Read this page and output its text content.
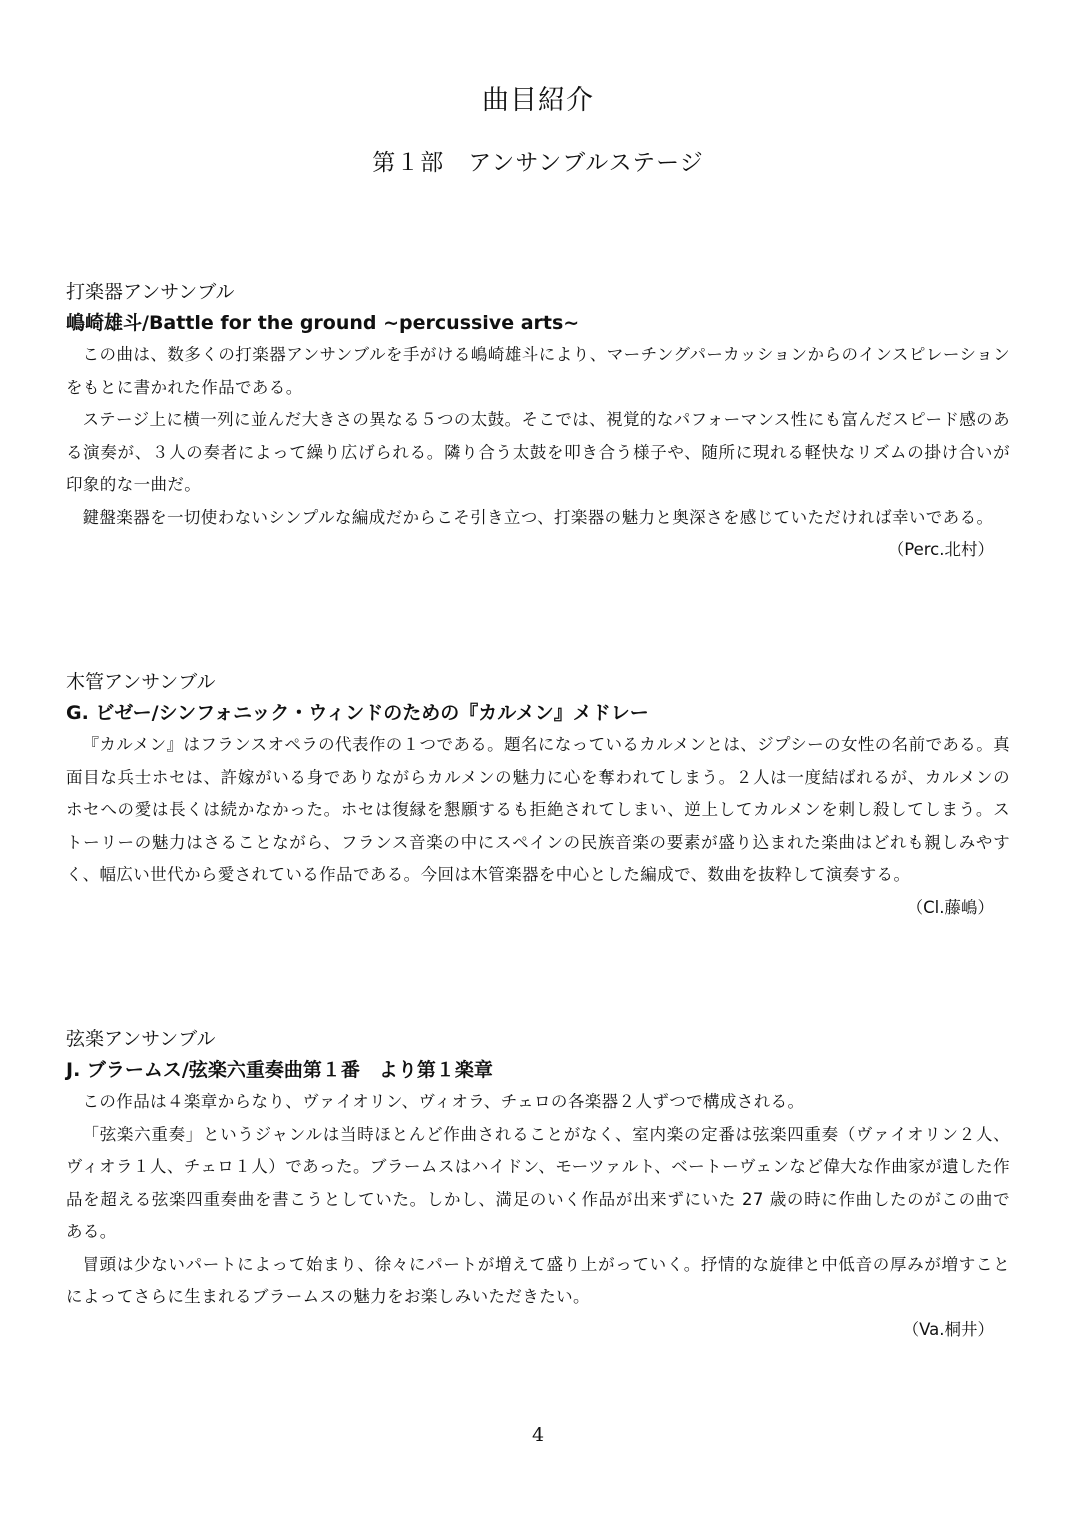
曲目紹介
第１部　アンサンブルステージ
打楽器アンサンブル
嶋崎雄斗/Battle for the ground ~percussive arts~

この曲は、数多くの打楽器アンサンブルを手がける嶋崎雄斗により、マーチングパーカッションからのインスピレーションをもとに書かれた作品である。

ステージ上に横一列に並んだ大きさの異なる５つの太鼓。そこでは、視覚的なパフォーマンス性にも富んだスピード感のある演奏が、３人の奏者によって繰り広げられる。隣り合う太鼓を叩き合う様子や、随所に現れる軽快なリズムの掛け合いが印象的な一曲だ。

鍵盤楽器を一切使わないシンプルな編成だからこそ引き立つ、打楽器の魅力と奥深さを感じていただければ幸いである。

（Perc.北村）
木管アンサンブル
G. ビゼー/シンフォニック・ウィンドのための『カルメン』メドレー

『カルメン』はフランスオペラの代表作の１つである。題名になっているカルメンとは、ジプシーの女性の名前である。真面目な兵士ホセは、許嫁がいる身でありながらカルメンの魅力に心を奪われてしまう。２人は一度結ばれるが、カルメンのホセへの愛は長くは続かなかった。ホセは復縁を懇願するも拒絶されてしまい、逆上してカルメンを刺し殺してしまう。ストーリーの魅力はさることながら、フランス音楽の中にスペインの民族音楽の要素が盛り込まれた楽曲はどれも親しみやすく、幅広い世代から愛されている作品である。今回は木管楽器を中心とした編成で、数曲を抜粋して演奏する。

（Cl.藤嶋）
弦楽アンサンブル
J. ブラームス/弦楽六重奏曲第１番　より第１楽章

この作品は４楽章からなり、ヴァイオリン、ヴィオラ、チェロの各楽器２人ずつで構成される。

「弦楽六重奏」というジャンルは当時ほとんど作曲されることがなく、室内楽の定番は弦楽四重奏（ヴァイオリン２人、ヴィオラ１人、チェロ１人）であった。ブラームスはハイドン、モーツァルト、ベートーヴェンなど偉大な作曲家が遺した作品を超える弦楽四重奏曲を書こうとしていた。しかし、満足のいく作品が出来ずにいた 27 歳の時に作曲したのがこの曲である。

冒頭は少ないパートによって始まり、徐々にパートが増えて盛り上がっていく。抒情的な旋律と中低音の厚みが増すことによってさらに生まれるブラームスの魅力をお楽しみいただきたい。

（Va.桐井）
4
